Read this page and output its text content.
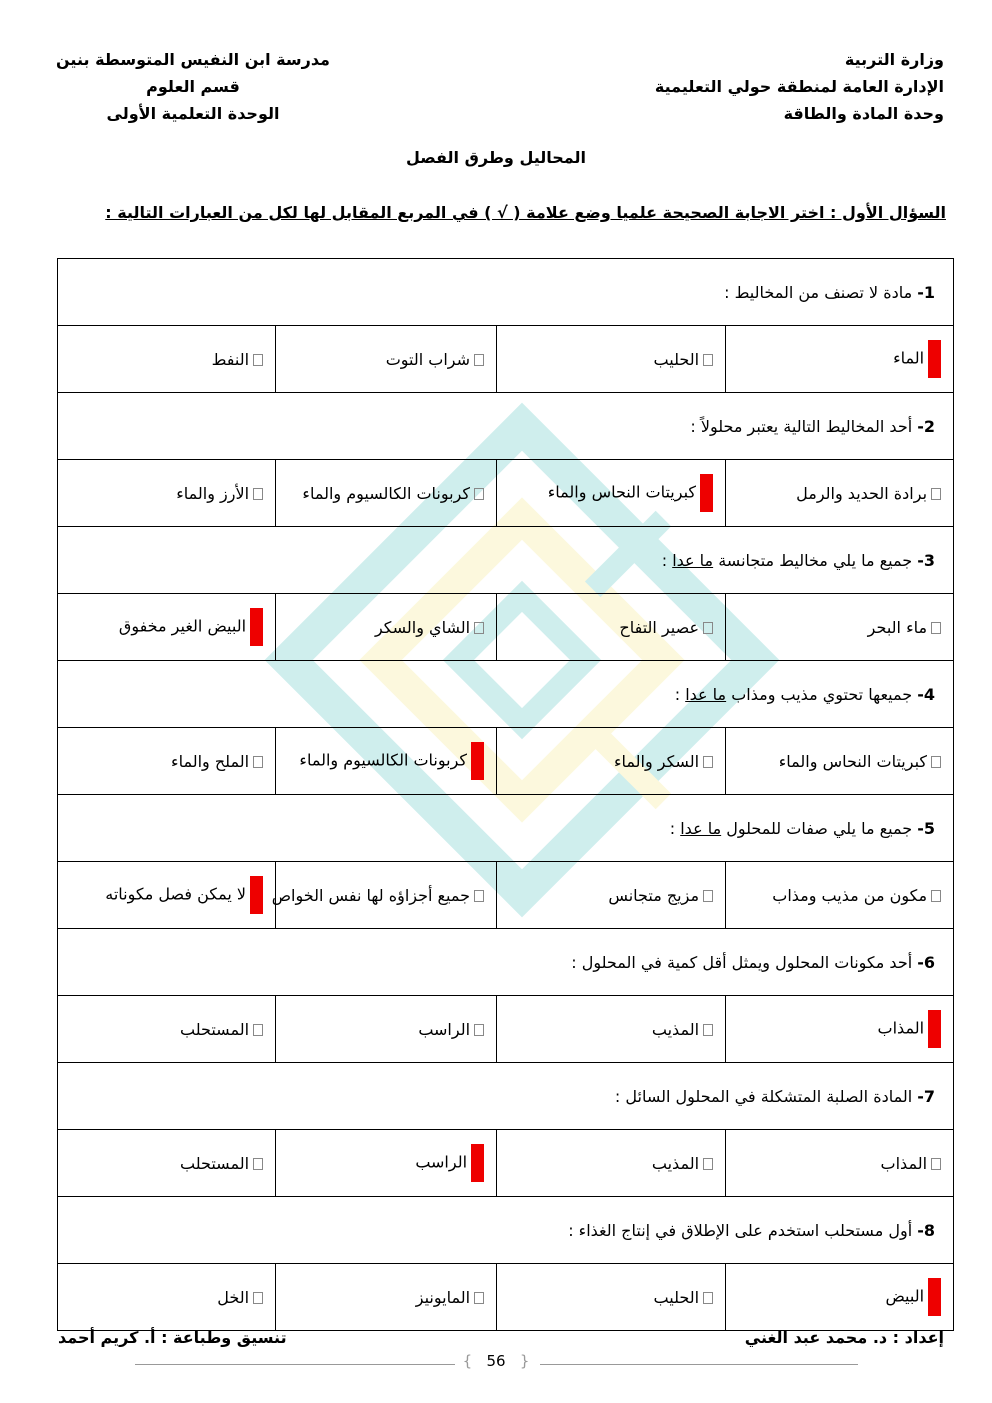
وزارة التربية
الإدارة العامة لمنطقة حولي التعليمية
وحدة المادة والطاقة
مدرسة ابن النفيس المتوسطة بنين
قسم العلوم
الوحدة التعلمية الأولى
المحاليل وطرق الفصل
السؤال الأول : اختر الاجابة الصحيحة علميا وضع علامة ( √ ) في المربع المقابل لها لكل من العبارات التالية :
1- مادة لا تصنف من المخاليط :			
الماء	الحليب	شراب التوت	النفط
2- أحد المخاليط التالية يعتبر محلولاً :			
برادة الحديد والرمل	كبريتات النحاس والماء	كربونات الكالسيوم والماء	الأرز والماء
3- جميع ما يلي مخاليط متجانسة ما عدا :			
ماء البحر	عصير التفاح	الشاي والسكر	البيض الغير مخفوق
4- جميعها تحتوي مذيب ومذاب ما عدا :			
كبريتات النحاس والماء	السكر والماء	كربونات الكالسيوم والماء	الملح والماء
5- جميع ما يلي صفات للمحلول ما عدا :			
مكون من مذيب ومذاب	مزيج متجانس	جميع أجزاؤه لها نفس الخواص	لا يمكن فصل مكوناته
6- أحد مكونات المحلول ويمثل أقل كمية في المحلول :			
المذاب	المذيب	الراسب	المستحلب
7- المادة الصلبة المتشكلة في المحلول السائل :			
المذاب	المذيب	الراسب	المستحلب
8- أول مستحلب استخدم على الإطلاق في إنتاج الغذاء :			
البيض	الحليب	المايونيز	الخل
إعداد : د. محمد عبد الغني
تنسيق وطباعة : أ. كريم أحمد
{ 56 }
